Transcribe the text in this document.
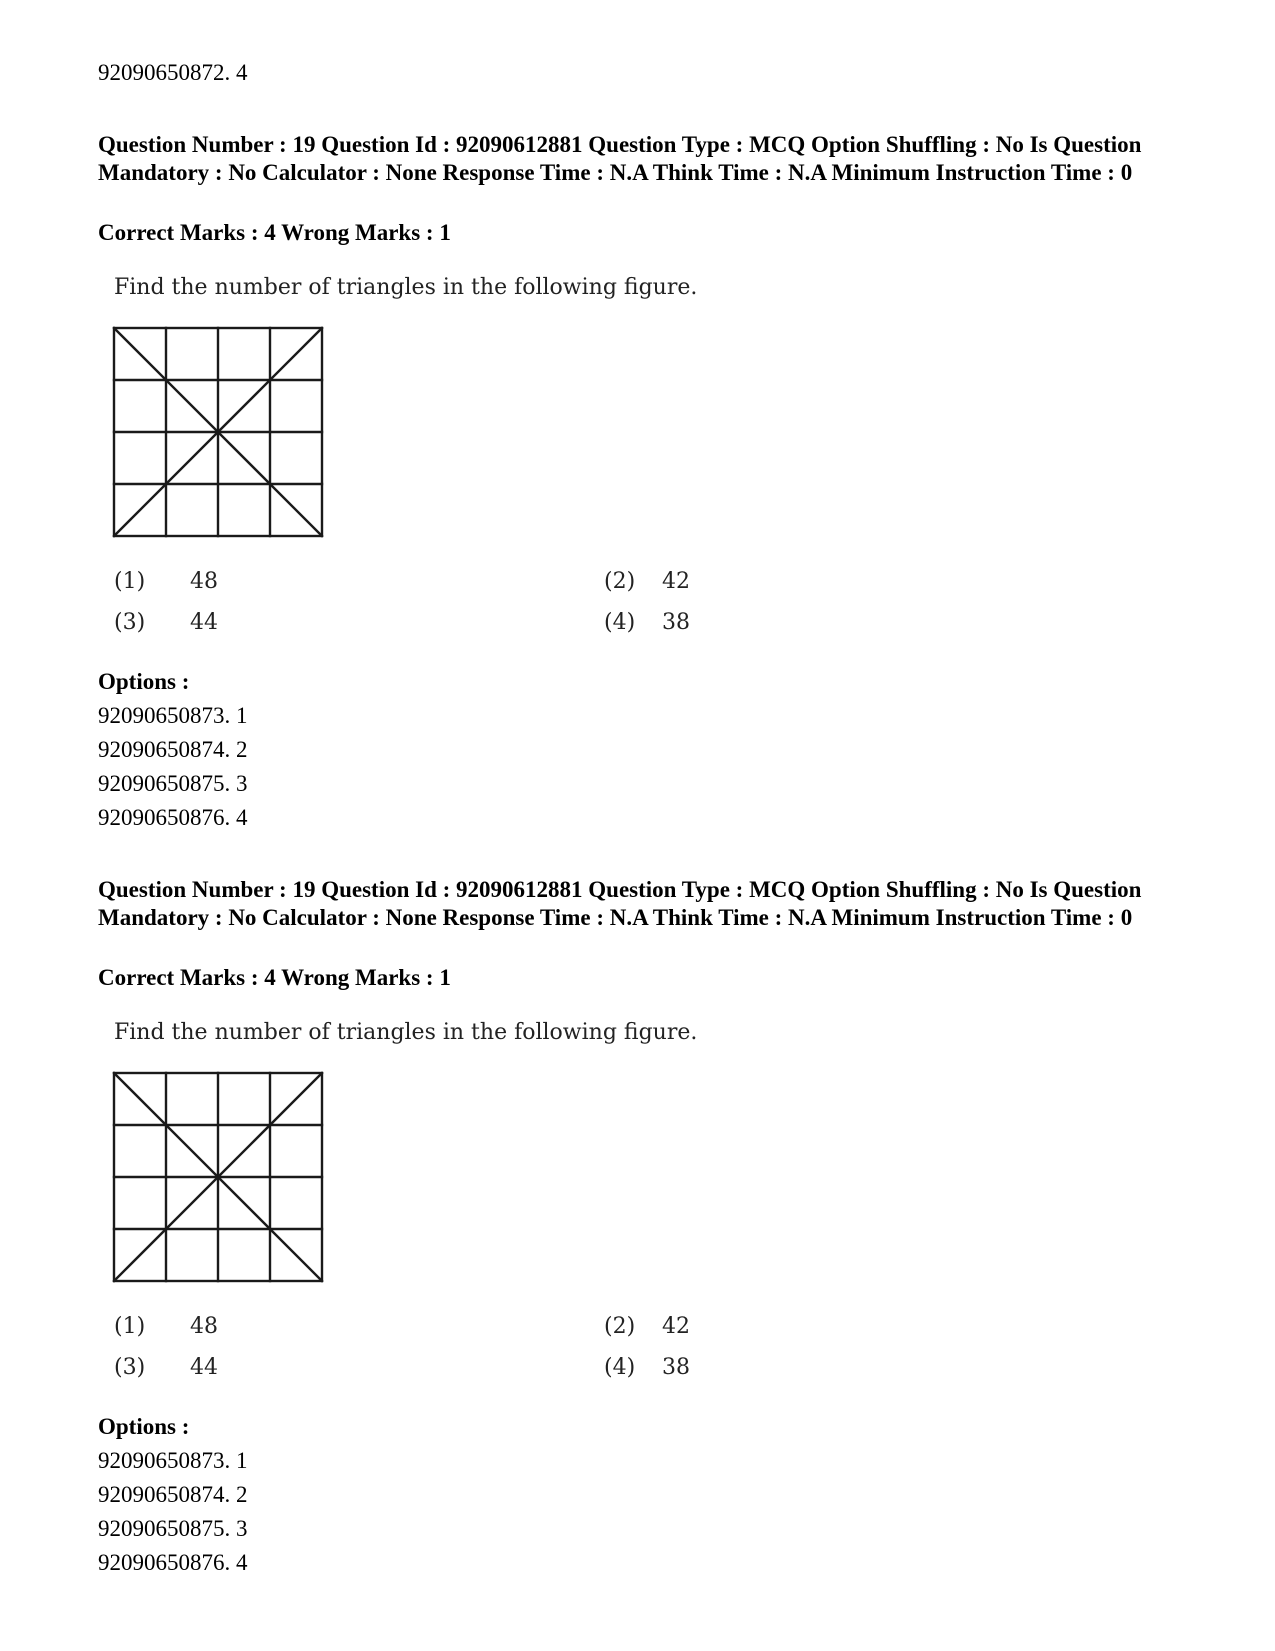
92090650872. 4
Question Number : 19 Question Id : 92090612881 Question Type : MCQ Option Shuffling : No Is Question Mandatory : No Calculator : None Response Time : N.A Think Time : N.A Minimum Instruction Time : 0
Correct Marks : 4 Wrong Marks : 1
Find the number of triangles in the following figure.
(1) 48	(2) 42
(3) 44	(4) 38
Options :
92090650873. 1
92090650874. 2
92090650875. 3
92090650876. 4
Question Number : 19 Question Id : 92090612881 Question Type : MCQ Option Shuffling : No Is Question Mandatory : No Calculator : None Response Time : N.A Think Time : N.A Minimum Instruction Time : 0
Correct Marks : 4 Wrong Marks : 1
Find the number of triangles in the following figure.
(1) 48	(2) 42
(3) 44	(4) 38
Options :
92090650873. 1
92090650874. 2
92090650875. 3
92090650876. 4
